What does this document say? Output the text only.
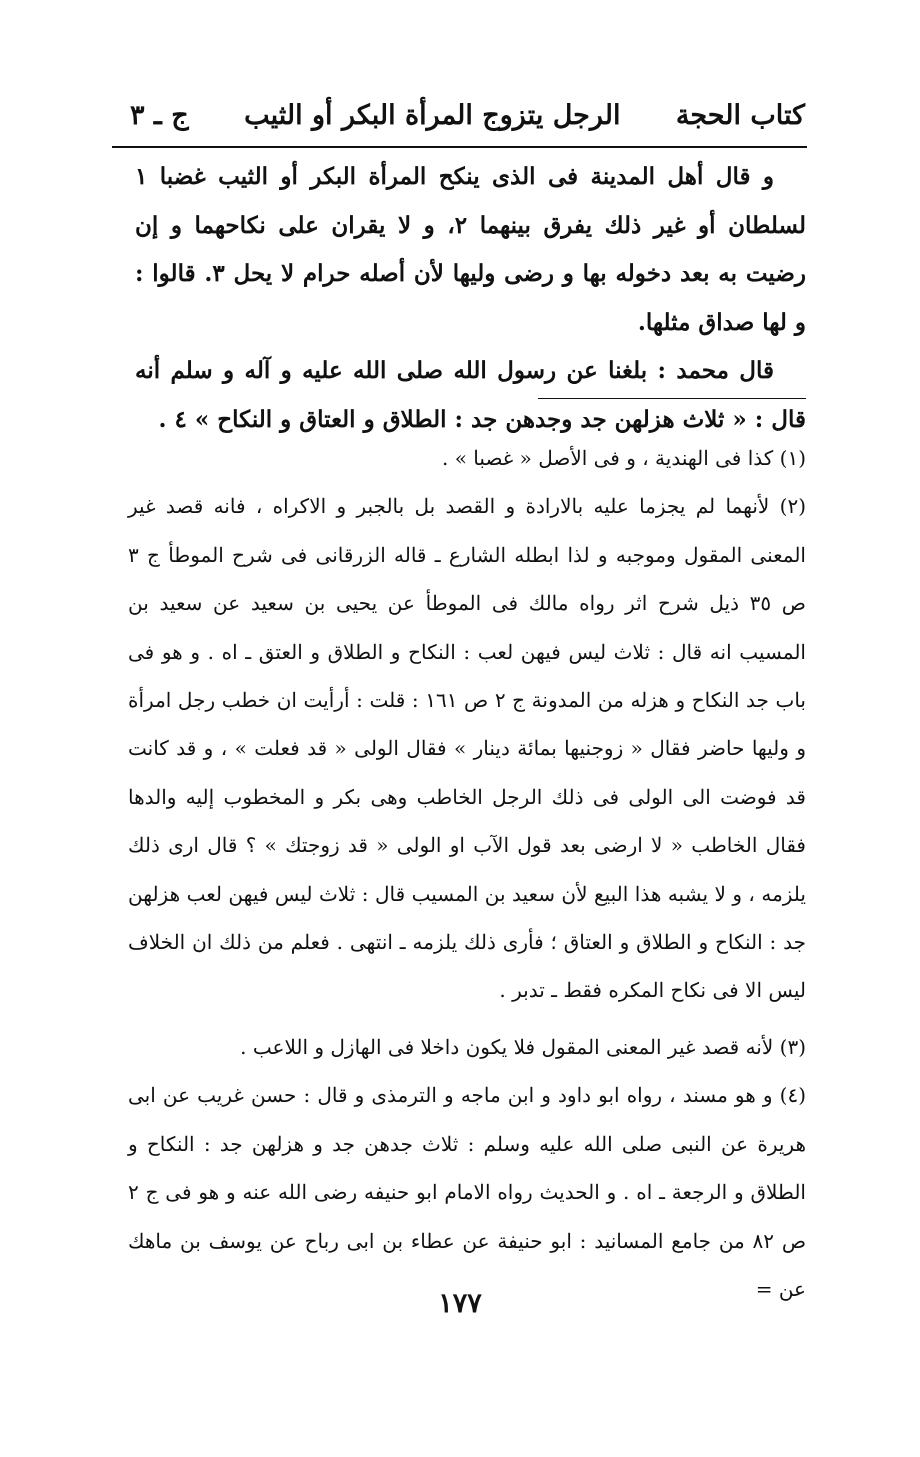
كتاب الحجة
الرجل يتزوج المرأة البكر أو الثيب
ج ـ ٣

و قال أهل المدينة فى الذى ينكح المرأة البكر أو الثيب غضبا ١ لسلطان أو غير ذلك يفرق بينهما ٢، و لا يقران على نكاحهما و إن رضيت به بعد دخوله بها و رضى وليها لأن أصله حرام لا يحل ٣. قالوا : و لها صداق مثلها.

قال محمد : بلغنا عن رسول الله صلى الله عليه و آله و سلم أنه قال : « ثلاث هزلهن جد وجدهن جد : الطلاق و العتاق و النكاح » ٤ .

(١) كذا فى الهندية ، و فى الأصل « غصبا » .

(٢) لأنهما لم يجزما عليه بالارادة و القصد بل بالجبر و الاكراه ، فانه قصد غير المعنى المقول وموجبه و لذا ابطله الشارع ـ قاله الزرقانى فى شرح الموطأ ج ٣ ص ٣٥ ذيل شرح اثر رواه مالك فى الموطأ عن يحيى بن سعيد عن سعيد بن المسيب انه قال : ثلاث ليس فيهن لعب : النكاح و الطلاق و العتق ـ اه . و هو فى باب جد النكاح و هزله من المدونة ج ٢ ص ١٦١ : قلت : أرأيت ان خطب رجل امرأة و وليها حاضر فقال « زوجنيها بمائة دينار » فقال الولى « قد فعلت » ، و قد كانت قد فوضت الى الولى فى ذلك الرجل الخاطب وهى بكر و المخطوب إليه والدها فقال الخاطب « لا ارضى بعد قول الآب او الولى « قد زوجتك » ؟ قال ارى ذلك يلزمه ، و لا يشبه هذا البيع لأن سعيد بن المسيب قال : ثلاث ليس فيهن لعب هزلهن جد : النكاح و الطلاق و العتاق ؛ فأرى ذلك يلزمه ـ انتهى . فعلم من ذلك ان الخلاف ليس الا فى نكاح المكره فقط ـ تدبر .

(٣) لأنه قصد غير المعنى المقول فلا يكون داخلا فى الهازل و اللاعب .

(٤) و هو مسند ، رواه ابو داود و ابن ماجه و الترمذى و قال : حسن غريب عن ابى هريرة عن النبى صلى الله عليه وسلم : ثلاث جدهن جد و هزلهن جد : النكاح و الطلاق و الرجعة ـ اه . و الحديث رواه الامام ابو حنيفه رضى الله عنه و هو فى ج ٢ ص ٨٢ من جامع المسانيد : ابو حنيفة عن عطاء بن ابى رباح عن يوسف بن ماهك عن =

١٧٧
